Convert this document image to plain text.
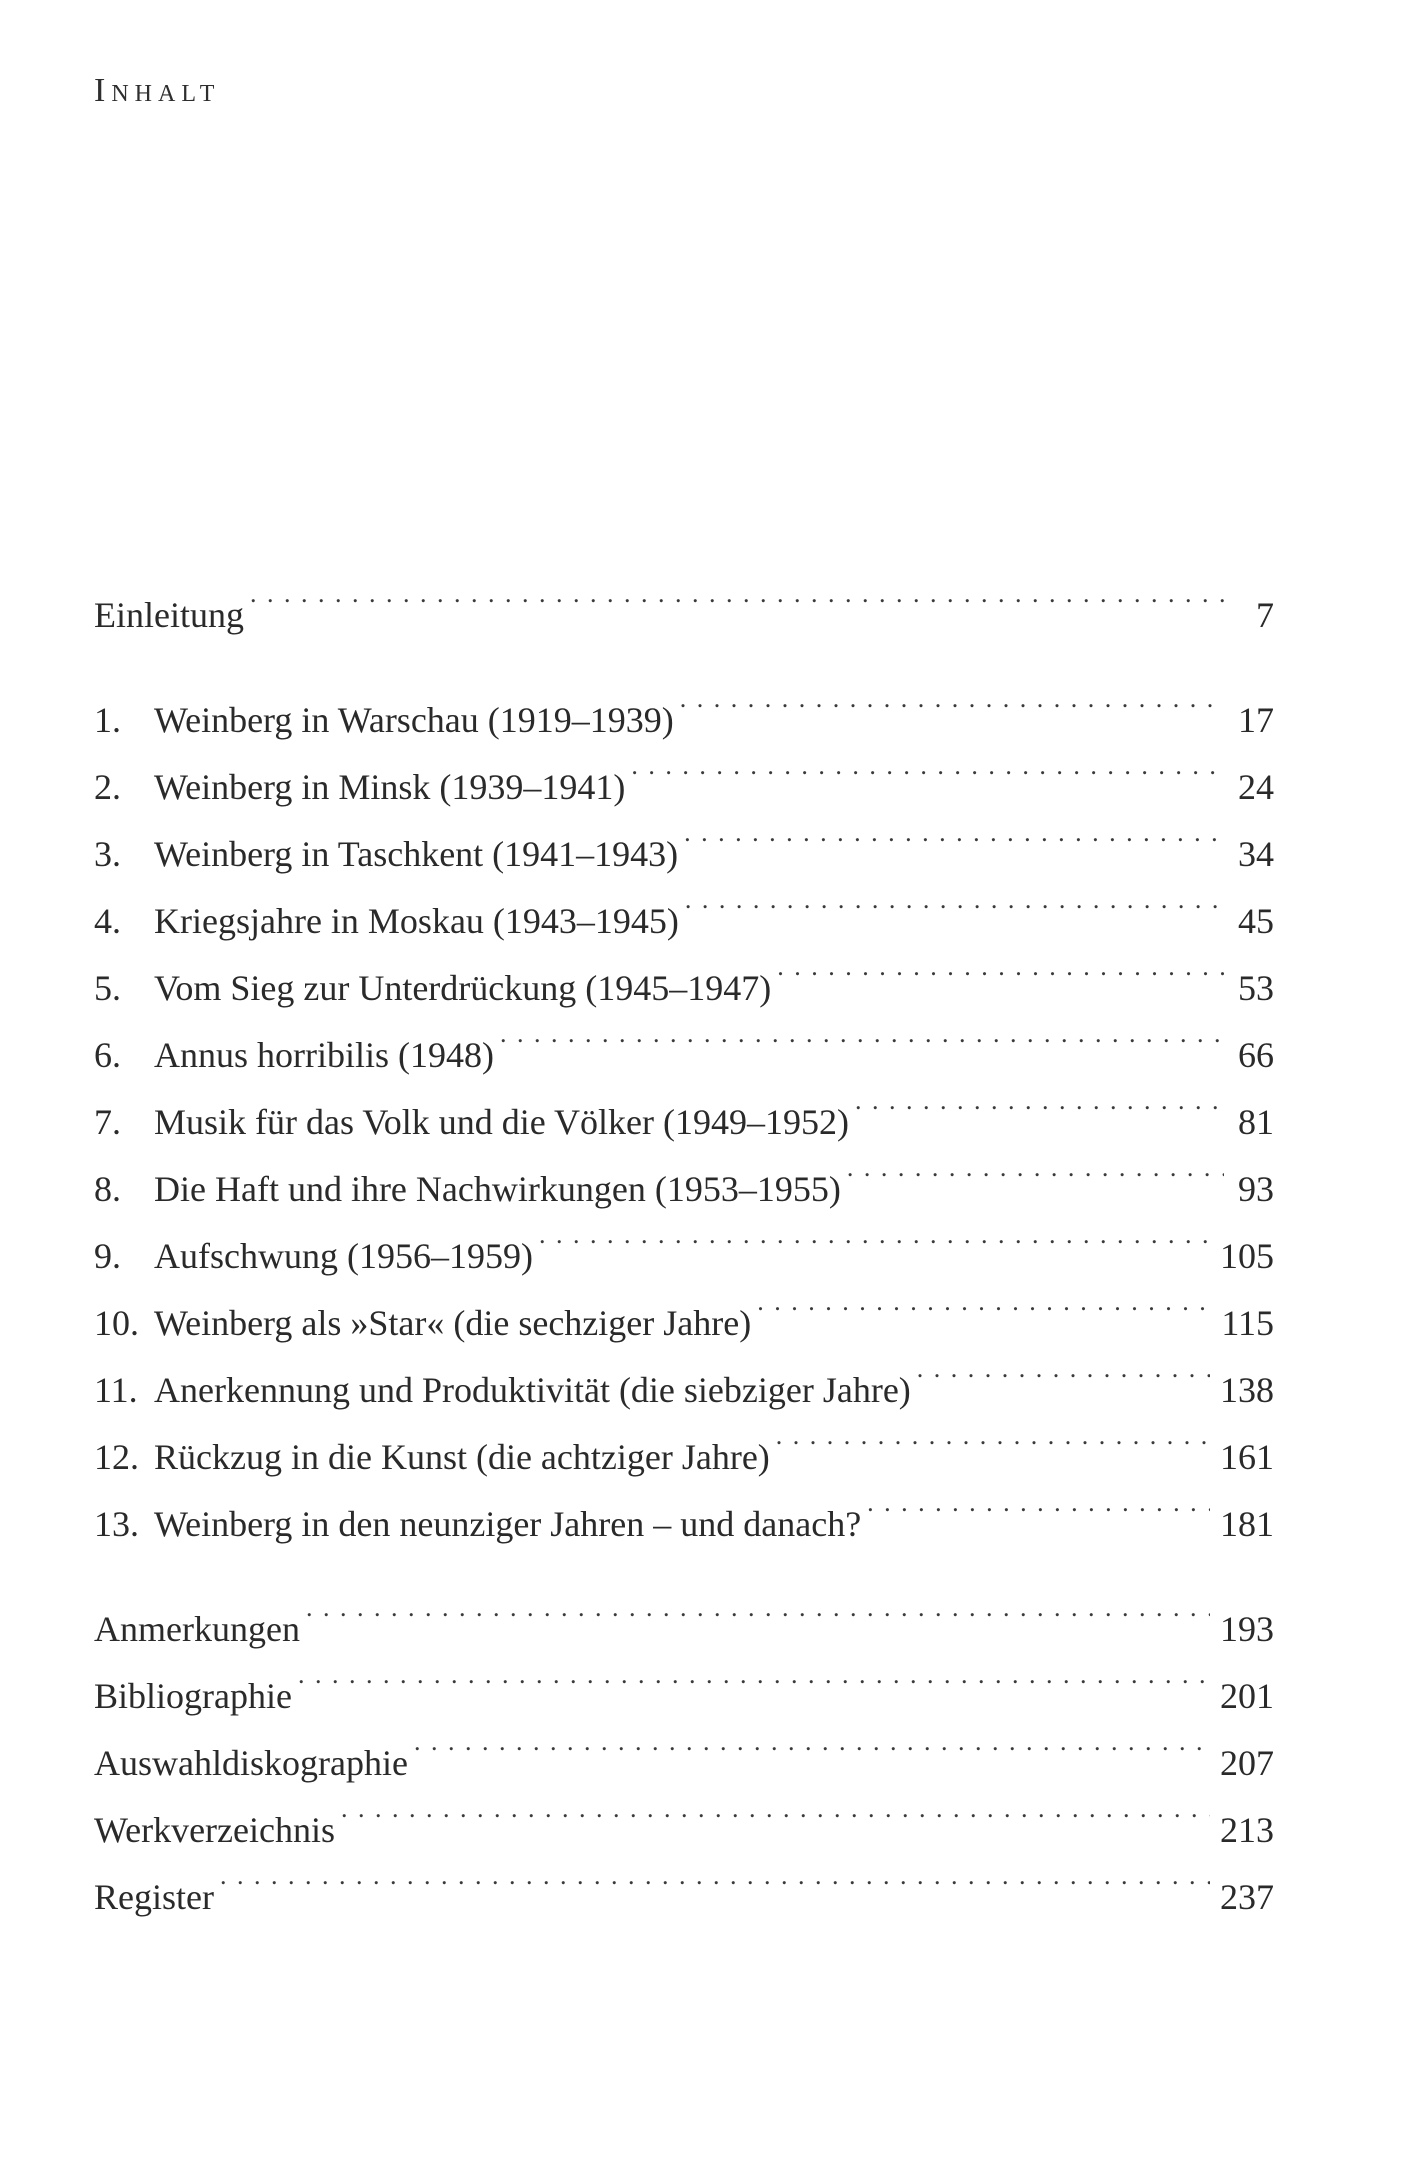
Inhalt
Einleitung . . .	7
1. Weinberg in Warschau (1919–1939) . . .	17
2. Weinberg in Minsk (1939–1941) . . .	24
3. Weinberg in Taschkent (1941–1943) . . .	34
4. Kriegsjahre in Moskau (1943–1945) . . .	45
5. Vom Sieg zur Unterdrückung (1945–1947) . . .	53
6. Annus horribilis (1948) . . .	66
7. Musik für das Volk und die Völker (1949–1952) . . .	81
8. Die Haft und ihre Nachwirkungen (1953–1955) . . .	93
9. Aufschwung (1956–1959) . . .	105
10. Weinberg als »Star« (die sechziger Jahre) . . .	115
11. Anerkennung und Produktivität (die siebziger Jahre) . . .	138
12. Rückzug in die Kunst (die achtziger Jahre) . . .	161
13. Weinberg in den neunziger Jahren – und danach? . . .	181
Anmerkungen . . .	193
Bibliographie . . .	201
Auswahldiskographie . . .	207
Werkverzeichnis . . .	213
Register . . .	237
